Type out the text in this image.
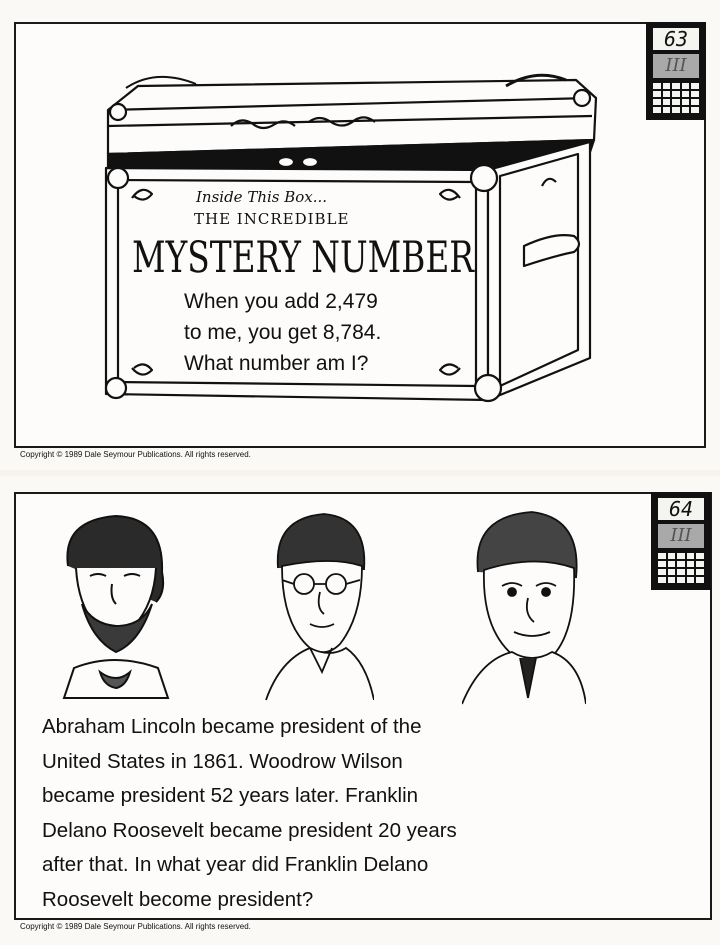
63
III
Inside This Box...
THE INCREDIBLE
MYSTERY NUMBER
When you add 2,479
to me, you get 8,784.
What number am I?
Copyright © 1989 Dale Seymour Publications. All rights reserved.
64
III
Abraham Lincoln became president of the
United States in 1861. Woodrow Wilson
became president 52 years later. Franklin
Delano Roosevelt became president 20 years
after that. In what year did Franklin Delano
Roosevelt become president?
Copyright © 1989 Dale Seymour Publications. All rights reserved.
